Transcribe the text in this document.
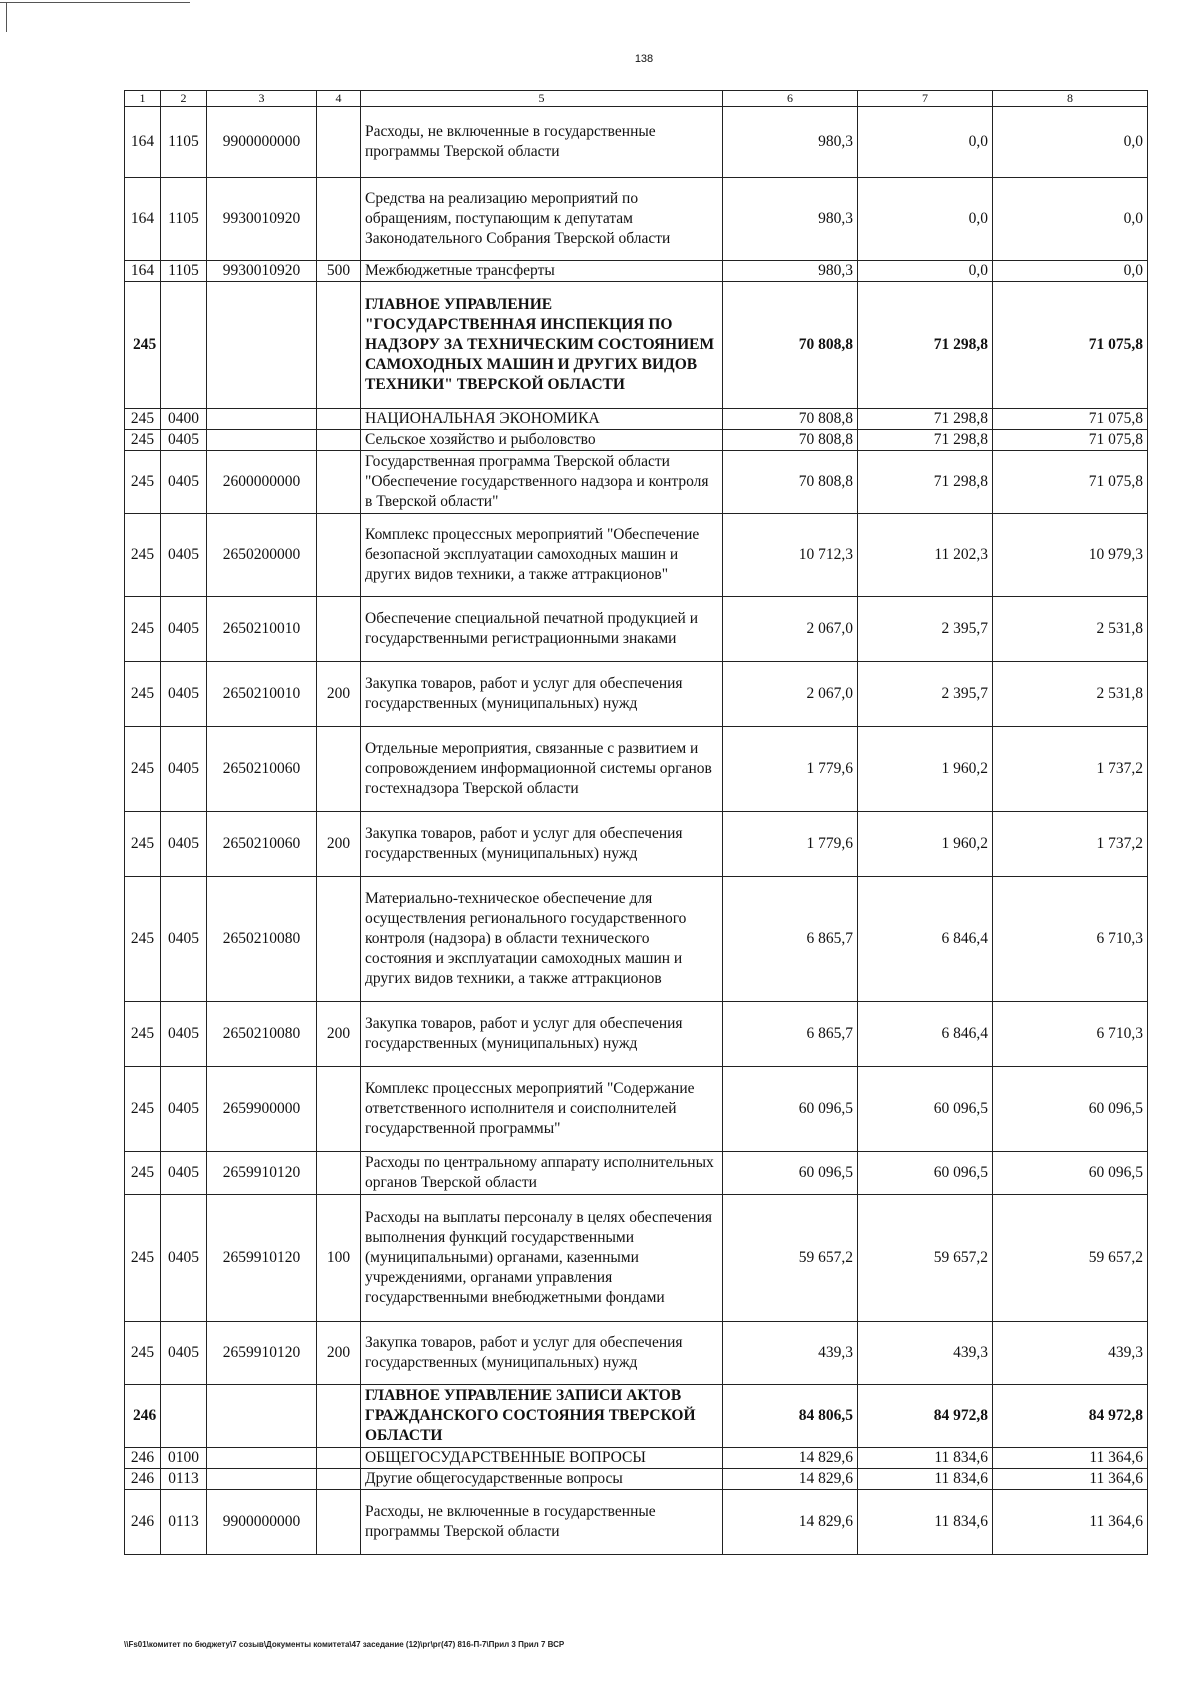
138
1	2	3	4	5	6	7	8
164	1105	9900000000		Расходы, не включенные в государственные программы Тверской области	980,3	0,0	0,0
164	1105	9930010920		Средства на реализацию мероприятий по обращениям, поступающим к депутатам Законодательного Собрания Тверской области	980,3	0,0	0,0
164	1105	9930010920	500	Межбюджетные трансферты	980,3	0,0	0,0
245				ГЛАВНОЕ УПРАВЛЕНИЕ "ГОСУДАРСТВЕННАЯ ИНСПЕКЦИЯ ПО НАДЗОРУ ЗА ТЕХНИЧЕСКИМ СОСТОЯНИЕМ САМОХОДНЫХ МАШИН И ДРУГИХ ВИДОВ ТЕХНИКИ" ТВЕРСКОЙ ОБЛАСТИ	70 808,8	71 298,8	71 075,8
245	0400			НАЦИОНАЛЬНАЯ ЭКОНОМИКА	70 808,8	71 298,8	71 075,8
245	0405			Сельское хозяйство и рыболовство	70 808,8	71 298,8	71 075,8
245	0405	2600000000		Государственная программа Тверской области "Обеспечение государственного надзора и контроля в Тверской области"	70 808,8	71 298,8	71 075,8
245	0405	2650200000		Комплекс процессных мероприятий "Обеспечение безопасной эксплуатации самоходных машин и других видов техники, а также аттракционов"	10 712,3	11 202,3	10 979,3
245	0405	2650210010		Обеспечение специальной печатной продукцией и государственными регистрационными знаками	2 067,0	2 395,7	2 531,8
245	0405	2650210010	200	Закупка товаров, работ и услуг для обеспечения государственных (муниципальных) нужд	2 067,0	2 395,7	2 531,8
245	0405	2650210060		Отдельные мероприятия, связанные с развитием и сопровождением информационной системы органов гостехнадзора Тверской области	1 779,6	1 960,2	1 737,2
245	0405	2650210060	200	Закупка товаров, работ и услуг для обеспечения государственных (муниципальных) нужд	1 779,6	1 960,2	1 737,2
245	0405	2650210080		Материально-техническое обеспечение для осуществления регионального государственного контроля (надзора) в области технического состояния и эксплуатации самоходных машин и других видов техники, а также аттракционов	6 865,7	6 846,4	6 710,3
245	0405	2650210080	200	Закупка товаров, работ и услуг для обеспечения государственных (муниципальных) нужд	6 865,7	6 846,4	6 710,3
245	0405	2659900000		Комплекс процессных мероприятий "Содержание ответственного исполнителя и соисполнителей государственной программы"	60 096,5	60 096,5	60 096,5
245	0405	2659910120		Расходы по центральному аппарату исполнительных органов Тверской области	60 096,5	60 096,5	60 096,5
245	0405	2659910120	100	Расходы на выплаты персоналу в целях обеспечения выполнения функций государственными (муниципальными) органами, казенными учреждениями, органами управления государственными внебюджетными фондами	59 657,2	59 657,2	59 657,2
245	0405	2659910120	200	Закупка товаров, работ и услуг для обеспечения государственных (муниципальных) нужд	439,3	439,3	439,3
246				ГЛАВНОЕ УПРАВЛЕНИЕ ЗАПИСИ АКТОВ ГРАЖДАНСКОГО СОСТОЯНИЯ ТВЕРСКОЙ ОБЛАСТИ	84 806,5	84 972,8	84 972,8
246	0100			ОБЩЕГОСУДАРСТВЕННЫЕ ВОПРОСЫ	14 829,6	11 834,6	11 364,6
246	0113			Другие общегосударственные вопросы	14 829,6	11 834,6	11 364,6
246	0113	9900000000		Расходы, не включенные в государственные программы Тверской области	14 829,6	11 834,6	11 364,6
\\Fs01\комитет по бюджету\7 созыв\Документы комитета\47 заседание (12)\рг\рг(47) 816-П-7\Прил 3 Прил 7 ВСР
